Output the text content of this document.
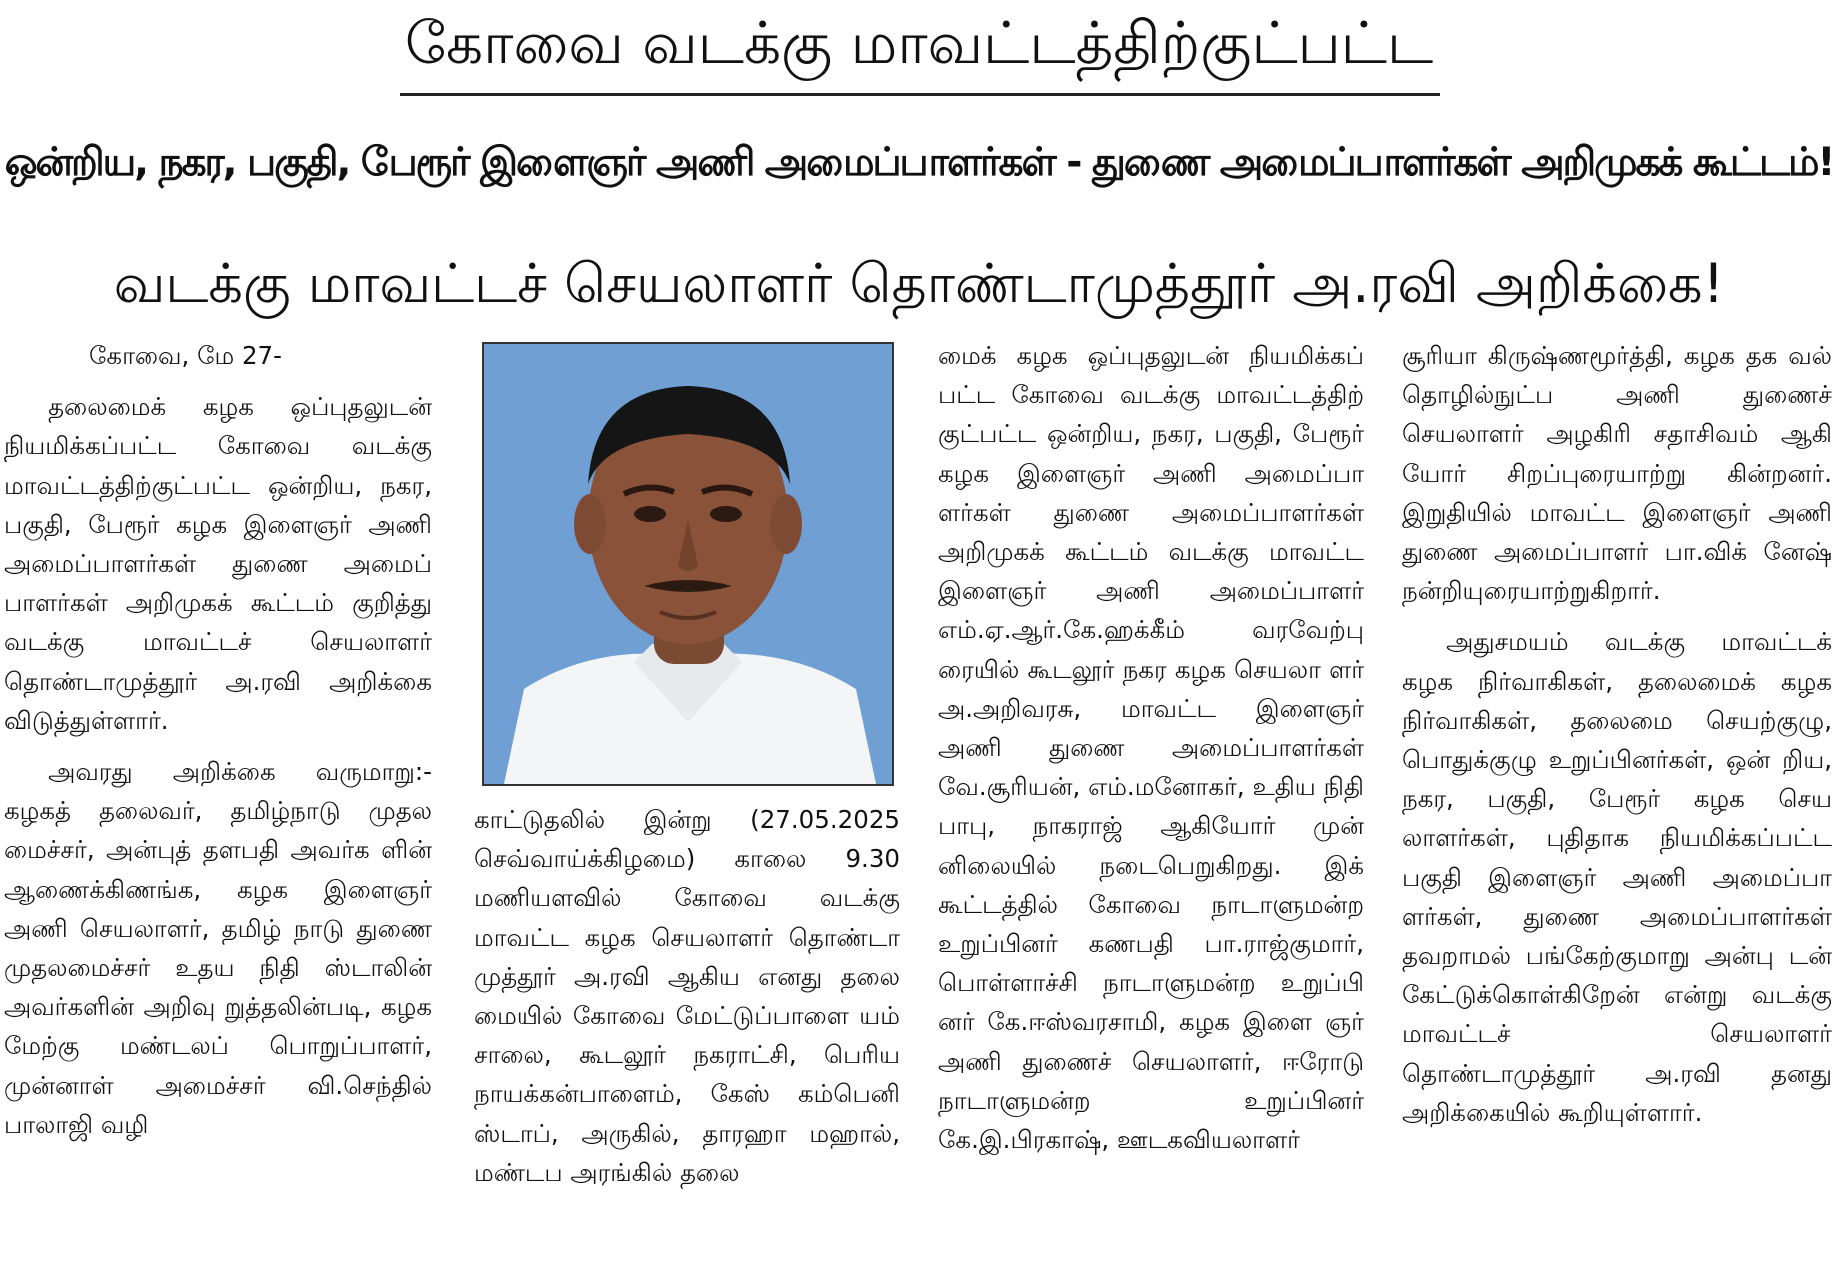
கோவை வடக்கு மாவட்டத்திற்குட்பட்ட
ஒன்றிய, நகர, பகுதி, பேரூர் இளைஞர் அணி அமைப்பாளர்கள் - துணை அமைப்பாளர்கள் அறிமுகக் கூட்டம்!
வடக்கு மாவட்டச் செயலாளர் தொண்டாமுத்தூர் அ.ரவி அறிக்கை!

கோவை, மே 27-

தலைமைக் கழக ஒப்புதலுடன் நியமிக்கப்பட்ட கோவை வடக்கு மாவட்டத்திற்குட்பட்ட ஒன்றிய, நகர, பகுதி, பேரூர் கழக இளைஞர் அணி அமைப்பாளர்கள் துணை அமைப் பாளர்கள் அறிமுகக் கூட்டம் குறித்து வடக்கு மாவட்டச் செயலாளர் தொண்டாமுத்தூர் அ.ரவி அறிக்கை விடுத்துள்ளார்.

அவரது அறிக்கை வருமாறு:- கழகத் தலைவர், தமிழ்நாடு முதல மைச்சர், அன்புத் தளபதி அவர்க ளின் ஆணைக்கிணங்க, கழக இளைஞர் அணி செயலாளர், தமிழ் நாடு துணை முதலமைச்சர் உதய நிதி ஸ்டாலின் அவர்களின் அறிவு றுத்தலின்படி, கழக மேற்கு மண்டலப் பொறுப்பாளர், முன்னாள் அமைச்சர் வி.செந்தில் பாலாஜி வழி

காட்டுதலில் இன்று (27.05.2025 செவ்வாய்க்கிழமை) காலை 9.30 மணியளவில் கோவை வடக்கு மாவட்ட கழக செயலாளர் தொண்டா முத்தூர் அ.ரவி ஆகிய எனது தலை மையில் கோவை மேட்டுப்பாளை யம் சாலை, கூடலூர் நகராட்சி, பெரிய நாயக்கன்பாளைம், கேஸ் கம்பெனி ஸ்டாப், அருகில், தாரஹா மஹால், மண்டப அரங்கில் தலை

மைக் கழக ஒப்புதலுடன் நியமிக்கப் பட்ட கோவை வடக்கு மாவட்டத்திற் குட்பட்ட ஒன்றிய, நகர, பகுதி, பேரூர் கழக இளைஞர் அணி அமைப்பா ளர்கள் துணை அமைப்பாளர்கள் அறிமுகக் கூட்டம் வடக்கு மாவட்ட இளைஞர் அணி அமைப்பாளர் எம்.ஏ.ஆர்.கே.ஹக்கீம் வரவேற்பு ரையில் கூடலூர் நகர கழக செயலா ளர் அ.அறிவரசு, மாவட்ட இளைஞர் அணி துணை அமைப்பாளர்கள் வே.சூரியன், எம்.மனோகர், உதிய நிதி பாபு, நாகராஜ் ஆகியோர் முன் னிலையில் நடைபெறுகிறது. இக் கூட்டத்தில் கோவை நாடாளுமன்ற உறுப்பினர் கணபதி பா.ராஜ்குமார், பொள்ளாச்சி நாடாளுமன்ற உறுப்பி னர் கே.ஈஸ்வரசாமி, கழக இளை ஞர் அணி துணைச் செயலாளர், ஈரோடு நாடாளுமன்ற உறுப்பினர் கே.இ.பிரகாஷ், ஊடகவியலாளர்

சூரியா கிருஷ்ணமூர்த்தி, கழக தக வல் தொழில்நுட்ப அணி துணைச் செயலாளர் அழகிரி சதாசிவம் ஆகி யோர் சிறப்புரையாற்று கின்றனர். இறுதியில் மாவட்ட இளைஞர் அணி துணை அமைப்பாளர் பா.விக் னேஷ் நன்றியுரையாற்றுகிறார்.

அதுசமயம் வடக்கு மாவட்டக் கழக நிர்வாகிகள், தலைமைக் கழக நிர்வாகிகள், தலைமை செயற்குழு, பொதுக்குழு உறுப்பினர்கள், ஒன் றிய, நகர, பகுதி, பேரூர் கழக செய லாளர்கள், புதிதாக நியமிக்கப்பட்ட பகுதி இளைஞர் அணி அமைப்பா ளர்கள், துணை அமைப்பாளர்கள் தவறாமல் பங்கேற்குமாறு அன்பு டன் கேட்டுக்கொள்கிறேன் என்று வடக்கு மாவட்டச் செயலாளர் தொண்டாமுத்தூர் அ.ரவி தனது அறிக்கையில் கூறியுள்ளார்.
